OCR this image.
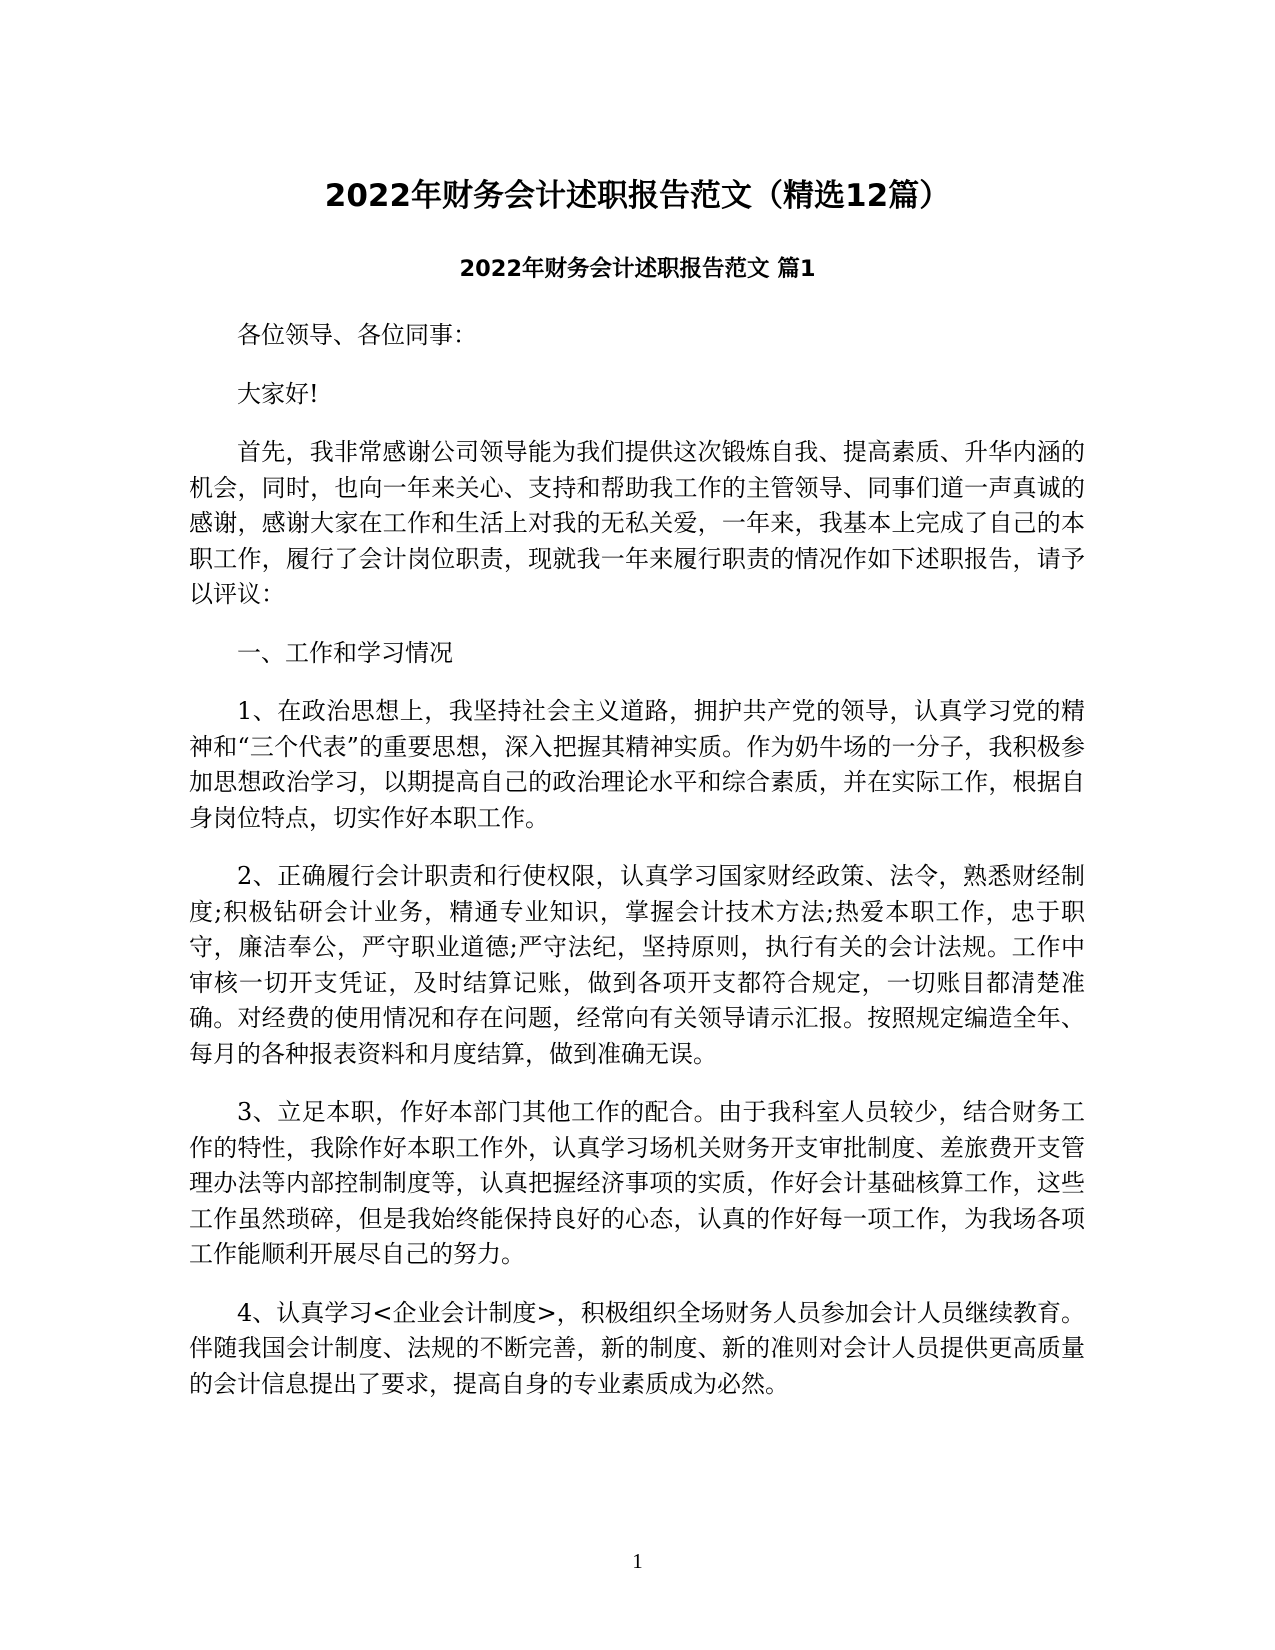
2022年财务会计述职报告范文（精选12篇）
2022年财务会计述职报告范文 篇1

各位领导、各位同事：

大家好!

首先，我非常感谢公司领导能为我们提供这次锻炼自我、提高素质、升华内涵的机会，同时，也向一年来关心、支持和帮助我工作的主管领导、同事们道一声真诚的感谢，感谢大家在工作和生活上对我的无私关爱，一年来，我基本上完成了自己的本职工作，履行了会计岗位职责，现就我一年来履行职责的情况作如下述职报告，请予以评议：

一、工作和学习情况

1、在政治思想上，我坚持社会主义道路，拥护共产党的领导，认真学习党的精神和“三个代表”的重要思想，深入把握其精神实质。作为奶牛场的一分子，我积极参加思想政治学习，以期提高自己的政治理论水平和综合素质，并在实际工作，根据自身岗位特点，切实作好本职工作。

2、正确履行会计职责和行使权限，认真学习国家财经政策、法令，熟悉财经制度;积极钻研会计业务，精通专业知识，掌握会计技术方法;热爱本职工作，忠于职守，廉洁奉公，严守职业道德;严守法纪，坚持原则，执行有关的会计法规。工作中审核一切开支凭证，及时结算记账，做到各项开支都符合规定，一切账目都清楚准确。对经费的使用情况和存在问题，经常向有关领导请示汇报。按照规定编造全年、每月的各种报表资料和月度结算，做到准确无误。

3、立足本职，作好本部门其他工作的配合。由于我科室人员较少，结合财务工作的特性，我除作好本职工作外，认真学习场机关财务开支审批制度、差旅费开支管理办法等内部控制制度等，认真把握经济事项的实质，作好会计基础核算工作，这些工作虽然琐碎，但是我始终能保持良好的心态，认真的作好每一项工作，为我场各项工作能顺利开展尽自己的努力。

4、认真学习<企业会计制度>，积极组织全场财务人员参加会计人员继续教育。伴随我国会计制度、法规的不断完善，新的制度、新的准则对会计人员提供更高质量的会计信息提出了要求，提高自身的专业素质成为必然。

1
